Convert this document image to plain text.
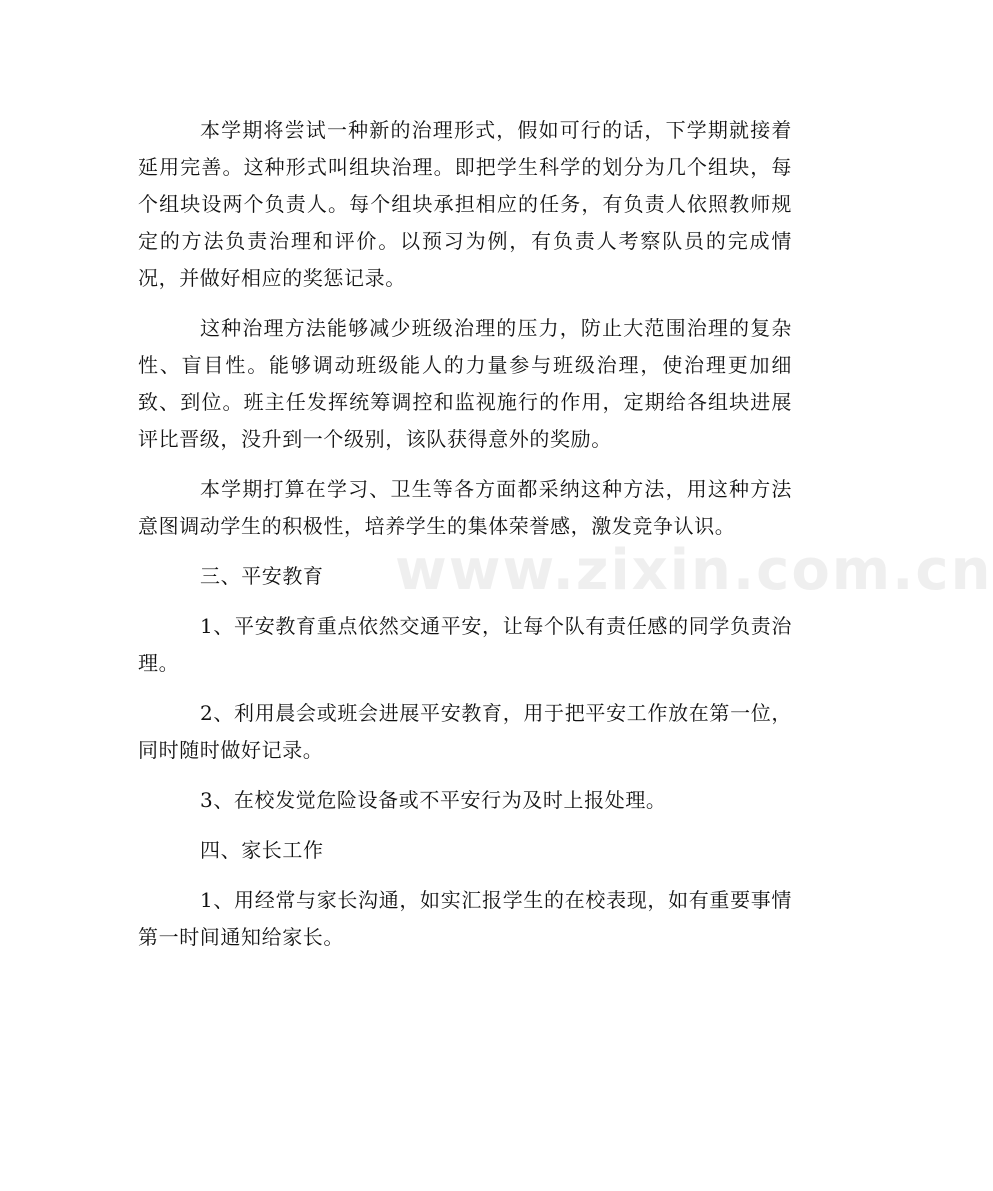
www.zixin.com.cn

本学期将尝试一种新的治理形式，假如可行的话，下学期就接着延用完善。这种形式叫组块治理。即把学生科学的划分为几个组块，每个组块设两个负责人。每个组块承担相应的任务，有负责人依照教师规定的方法负责治理和评价。以预习为例，有负责人考察队员的完成情况，并做好相应的奖惩记录。

这种治理方法能够减少班级治理的压力，防止大范围治理的复杂性、盲目性。能够调动班级能人的力量参与班级治理，使治理更加细致、到位。班主任发挥统筹调控和监视施行的作用，定期给各组块进展评比晋级，没升到一个级别，该队获得意外的奖励。

本学期打算在学习、卫生等各方面都采纳这种方法，用这种方法意图调动学生的积极性，培养学生的集体荣誉感，激发竞争认识。

三、平安教育

1、平安教育重点依然交通平安，让每个队有责任感的同学负责治理。

2、利用晨会或班会进展平安教育，用于把平安工作放在第一位，同时随时做好记录。

3、在校发觉危险设备或不平安行为及时上报处理。

四、家长工作

1、用经常与家长沟通，如实汇报学生的在校表现，如有重要事情第一时间通知给家长。
